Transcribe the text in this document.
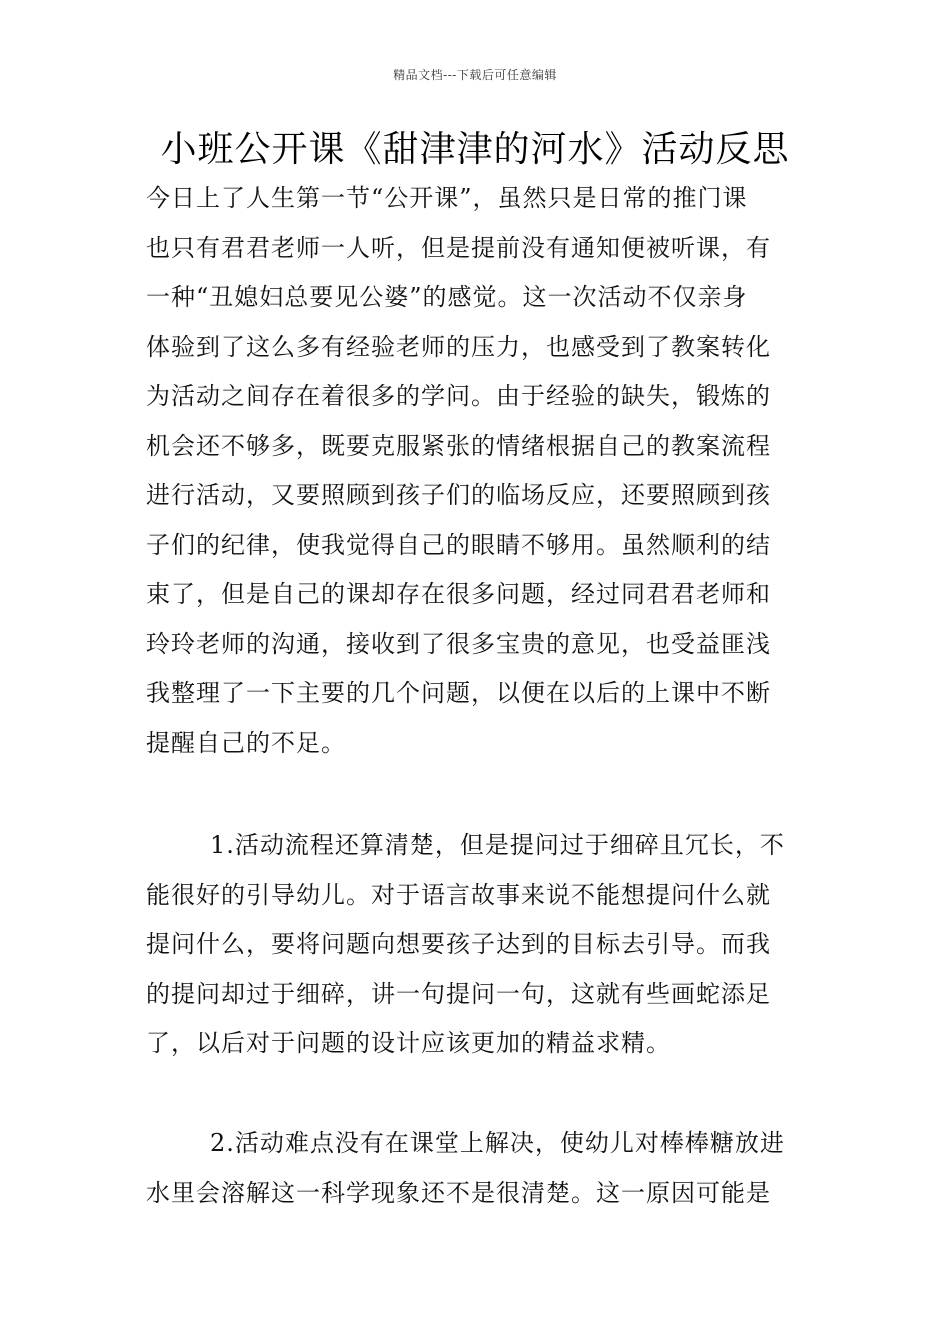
精品文档---下载后可任意编辑
小班公开课《甜津津的河水》活动反思
今日上了人生第一节“公开课”，虽然只是日常的推门课
也只有君君老师一人听，但是提前没有通知便被听课，有
一种“丑媳妇总要见公婆”的感觉。这一次活动不仅亲身
体验到了这么多有经验老师的压力，也感受到了教案转化
为活动之间存在着很多的学问。由于经验的缺失，锻炼的
机会还不够多，既要克服紧张的情绪根据自己的教案流程
进行活动，又要照顾到孩子们的临场反应，还要照顾到孩
子们的纪律，使我觉得自己的眼睛不够用。虽然顺利的结
束了，但是自己的课却存在很多问题，经过同君君老师和
玲玲老师的沟通，接收到了很多宝贵的意见，也受益匪浅
我整理了一下主要的几个问题，以便在以后的上课中不断
提醒自己的不足。
1.活动流程还算清楚，但是提问过于细碎且冗长，不
能很好的引导幼儿。对于语言故事来说不能想提问什么就
提问什么，要将问题向想要孩子达到的目标去引导。而我
的提问却过于细碎，讲一句提问一句，这就有些画蛇添足
了，以后对于问题的设计应该更加的精益求精。
2.活动难点没有在课堂上解决，使幼儿对棒棒糖放进
水里会溶解这一科学现象还不是很清楚。这一原因可能是
